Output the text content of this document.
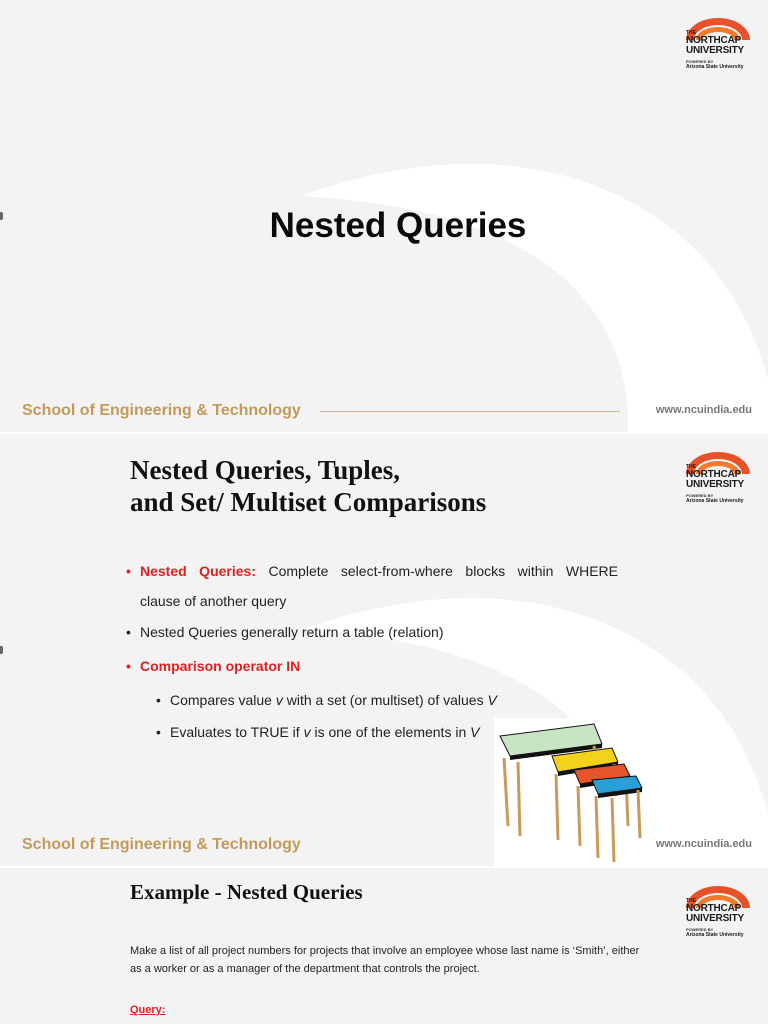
THE
NORTHCAP
UNIVERSITY
POWERED BY
Arizona State University
Nested Queries
School of Engineering & Technology	www.ncuindia.edu
THE
NORTHCAP
UNIVERSITY
POWERED BY
Arizona State University
Nested Queries, Tuples,
and Set/ Multiset Comparisons
• Nested Queries: Complete select-from-where blocks within WHERE
clause of another query
• Nested Queries generally return a table (relation)
• Comparison operator IN
• Compares value v with a set (or multiset) of values V
• Evaluates to TRUE if v is one of the elements in V
School of Engineering & Technology	www.ncuindia.edu
THE
NORTHCAP
UNIVERSITY
POWERED BY
Arizona State University
Example - Nested Queries
Make a list of all project numbers for projects that involve an employee whose last name is ‘Smith’, either as a worker or as a manager of the department that controls the project.
Query:
